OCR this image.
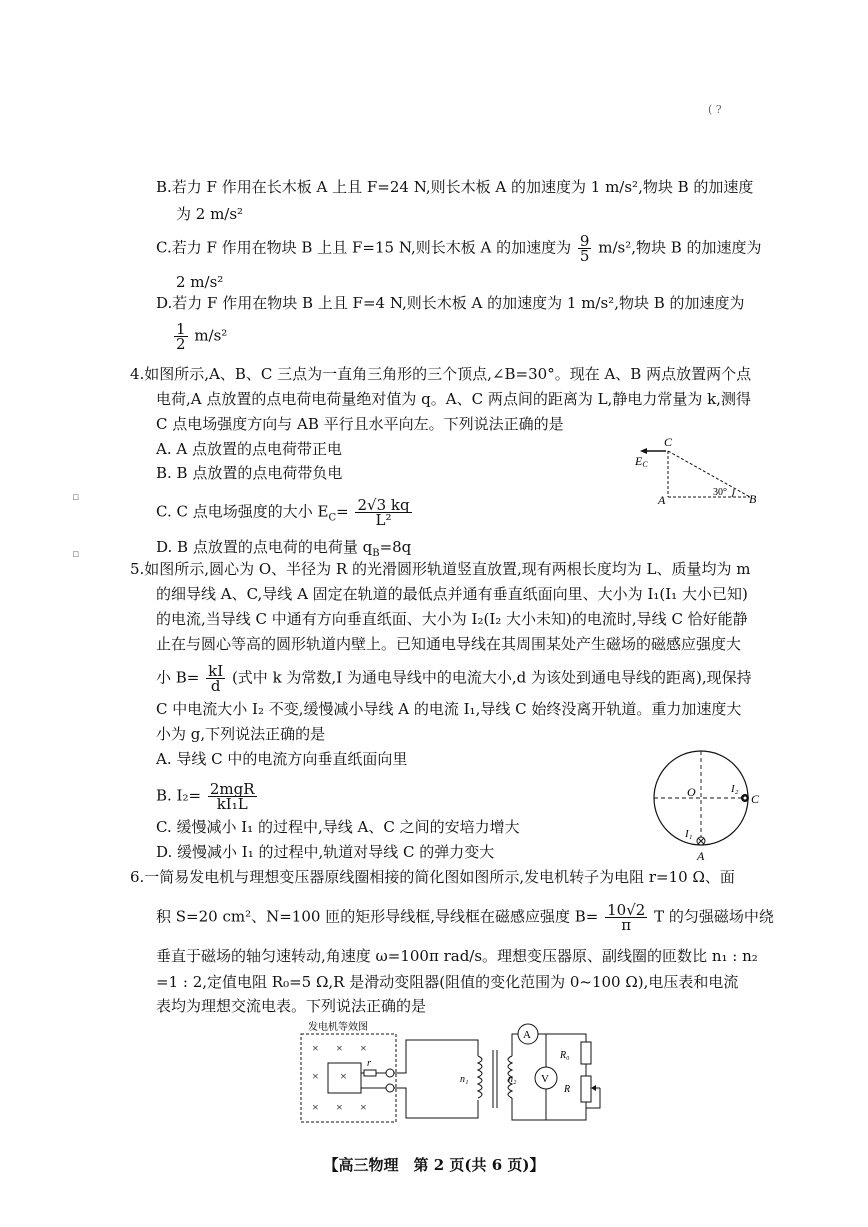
( ?
▫
▫
B.若力 F 作用在长木板 A 上且 F=24 N,则长木板 A 的加速度为 1 m/s²,物块 B 的加速度
为 2 m/s²
C.若力 F 作用在物块 B 上且 F=15 N,则长木板 A 的加速度为 $\frac{9}{5} m/s^2$,物块 B 的加速度为
2 m/s²
D.若力 F 作用在物块 B 上且 F=4 N,则长木板 A 的加速度为 1 m/s²,物块 B 的加速度为
$\frac{1}{2} m/s^2$
4.如图所示,A、B、C 三点为一直角三角形的三个顶点,∠B=30°。现在 A、B 两点放置两个点
电荷,A 点放置的点电荷电荷量绝对值为 q。A、C 两点间的距离为 L,静电力常量为 k,测得
C 点电场强度方向与 AB 平行且水平向左。下列说法正确的是
A. A 点放置的点电荷带正电
B. B 点放置的点电荷带负电
C. C 点电场强度的大小 $E_C= \frac{2√3 kq}{\text{L²}}$
D. B 点放置的点电荷的电荷量 $q_B=8q$
C
EC
A	B
30°
5.如图所示,圆心为 O、半径为 R 的光滑圆形轨道竖直放置,现有两根长度均为 L、质量均为 m
的细导线 A、C,导线 A 固定在轨道的最低点并通有垂直纸面向里、大小为 I₁(I₁ 大小已知)
的电流,当导线 C 中通有方向垂直纸面、大小为 I₂(I₂ 大小未知)的电流时,导线 C 恰好能静
止在与圆心等高的圆形轨道内壁上。已知通电导线在其周围某处产生磁场的磁感应强度大
小 $B= \frac{kI}{d}$ (式中 k 为常数,I 为通电导线中的电流大小,d 为该处到通电导线的距离),现保持
C 中电流大小 I₂ 不变,缓慢减小导线 A 的电流 I₁,导线 C 始终没离开轨道。重力加速度大
小为 g,下列说法正确的是
A. 导线 C 中的电流方向垂直纸面向里
B. $I_2= \frac{\text{2mgR}}{\text{kI₁L}}$
C. 缓慢减小 I₁ 的过程中,导线 A、C 之间的安培力增大
D. 缓慢减小 I₁ 的过程中,轨道对导线 C 的弹力变大
O	I₂
C
I₁
A
6.一简易发电机与理想变压器原线圈相接的简化图如图所示,发电机转子为电阻 r=10 Ω、面
积 S=20 cm²、N=100 匝的矩形导线框,导线框在磁感应强度 $B= \frac{10√2}{\pi}$ T 的匀强磁场中绕
垂直于磁场的轴匀速转动,角速度 ω=100π rad/s。理想变压器原、副线圈的匝数比 n₁ : n₂
=1 : 2,定值电阻 R₀=5 Ω,R 是滑动变阻器(阻值的变化范围为 0~100 Ω),电压表和电流
表均为理想交流电表。下列说法正确的是
发电机等效图
× × ×
× ×
× × ×
r
n₁	n₂
A
V
R₀
R
【高三物理　第 2 页(共 6 页)】
